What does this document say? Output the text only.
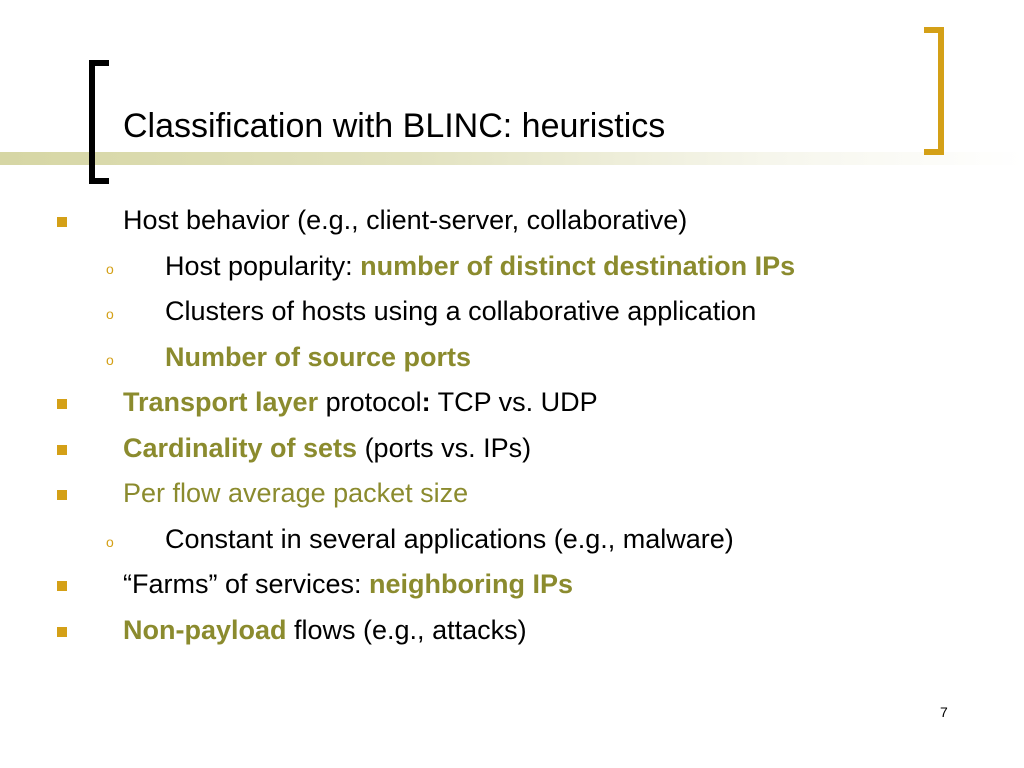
Classification with BLINC: heuristics
Host behavior (e.g., client-server, collaborative)
o Host popularity: number of distinct destination IPs
o Clusters of hosts using a collaborative application
o Number of source ports
Transport layer protocol: TCP vs. UDP
Cardinality of sets (ports vs. IPs)
Per flow average packet size
o Constant in several applications (e.g., malware)
“Farms” of services: neighboring IPs
Non-payload flows (e.g., attacks)
7
